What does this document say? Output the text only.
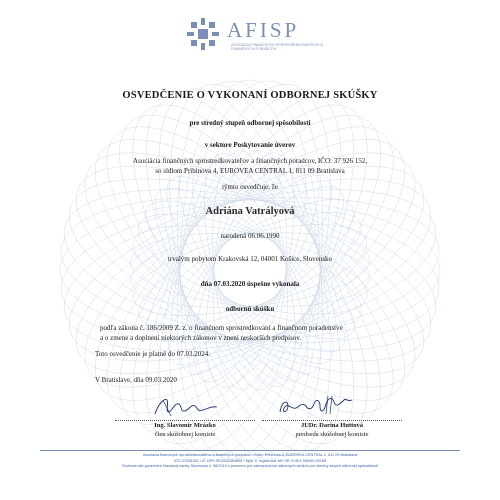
AFISP
ASOCIÁCIA FINANČNÝCH SPROSTREDKOVATEĽOV A FINANČNÝCH PORADCOV
OSVEDČENIE O VYKONANÍ ODBORNEJ SKÚŠKY
pre stredný stupeň odbornej spôsobilosti
v sektore Poskytovanie úverov
Asociácia finančných sprostredkovateľov a finančných poradcov, IČO: 37 926 152,
so sídlom Pribinova 4, EUROVEA CENTRAL 1, 811 09 Bratislava
týmto osvedčuje, že
Adriána Vatrályová
narodená 06.06.1990
trvalým pobytom Krakovská 12, 04001 Košice, Slovensko
dňa 07.03.2020 úspešne vykonala
odbornú skúšku
podľa zákona č. 186/2009 Z. z. o finančnom sprostredkovaní a finančnom poradenstve
a o zmene a doplnení niektorých zákonov v znení neskorších predpisov.
Toto osvedčenie je platné do 07.03.2024.
V Bratislave, dňa 09.03.2020
Ing. Slavomír Mrázko
člen skúšobnej komisie
JUDr. Darina Huttová
predseda skúšobnej komisie
Asociácia finančných sprostredkovateľov a finančných poradcov • Sídlo: Pribinova 4, EUROVEA CENTRAL 1, 811 09 Bratislava
IČO 37926152 • IČ DPH SK2022084899 • Spis. č. registrácie MV SR VVS/1-900/90-30188
Rozhodnutie guvernéra Národnej banky Slovenska č. 98/2019 o poverení pre zabezpečenie odborných skúšok pre stredný stupeň odbornej spôsobilosti
